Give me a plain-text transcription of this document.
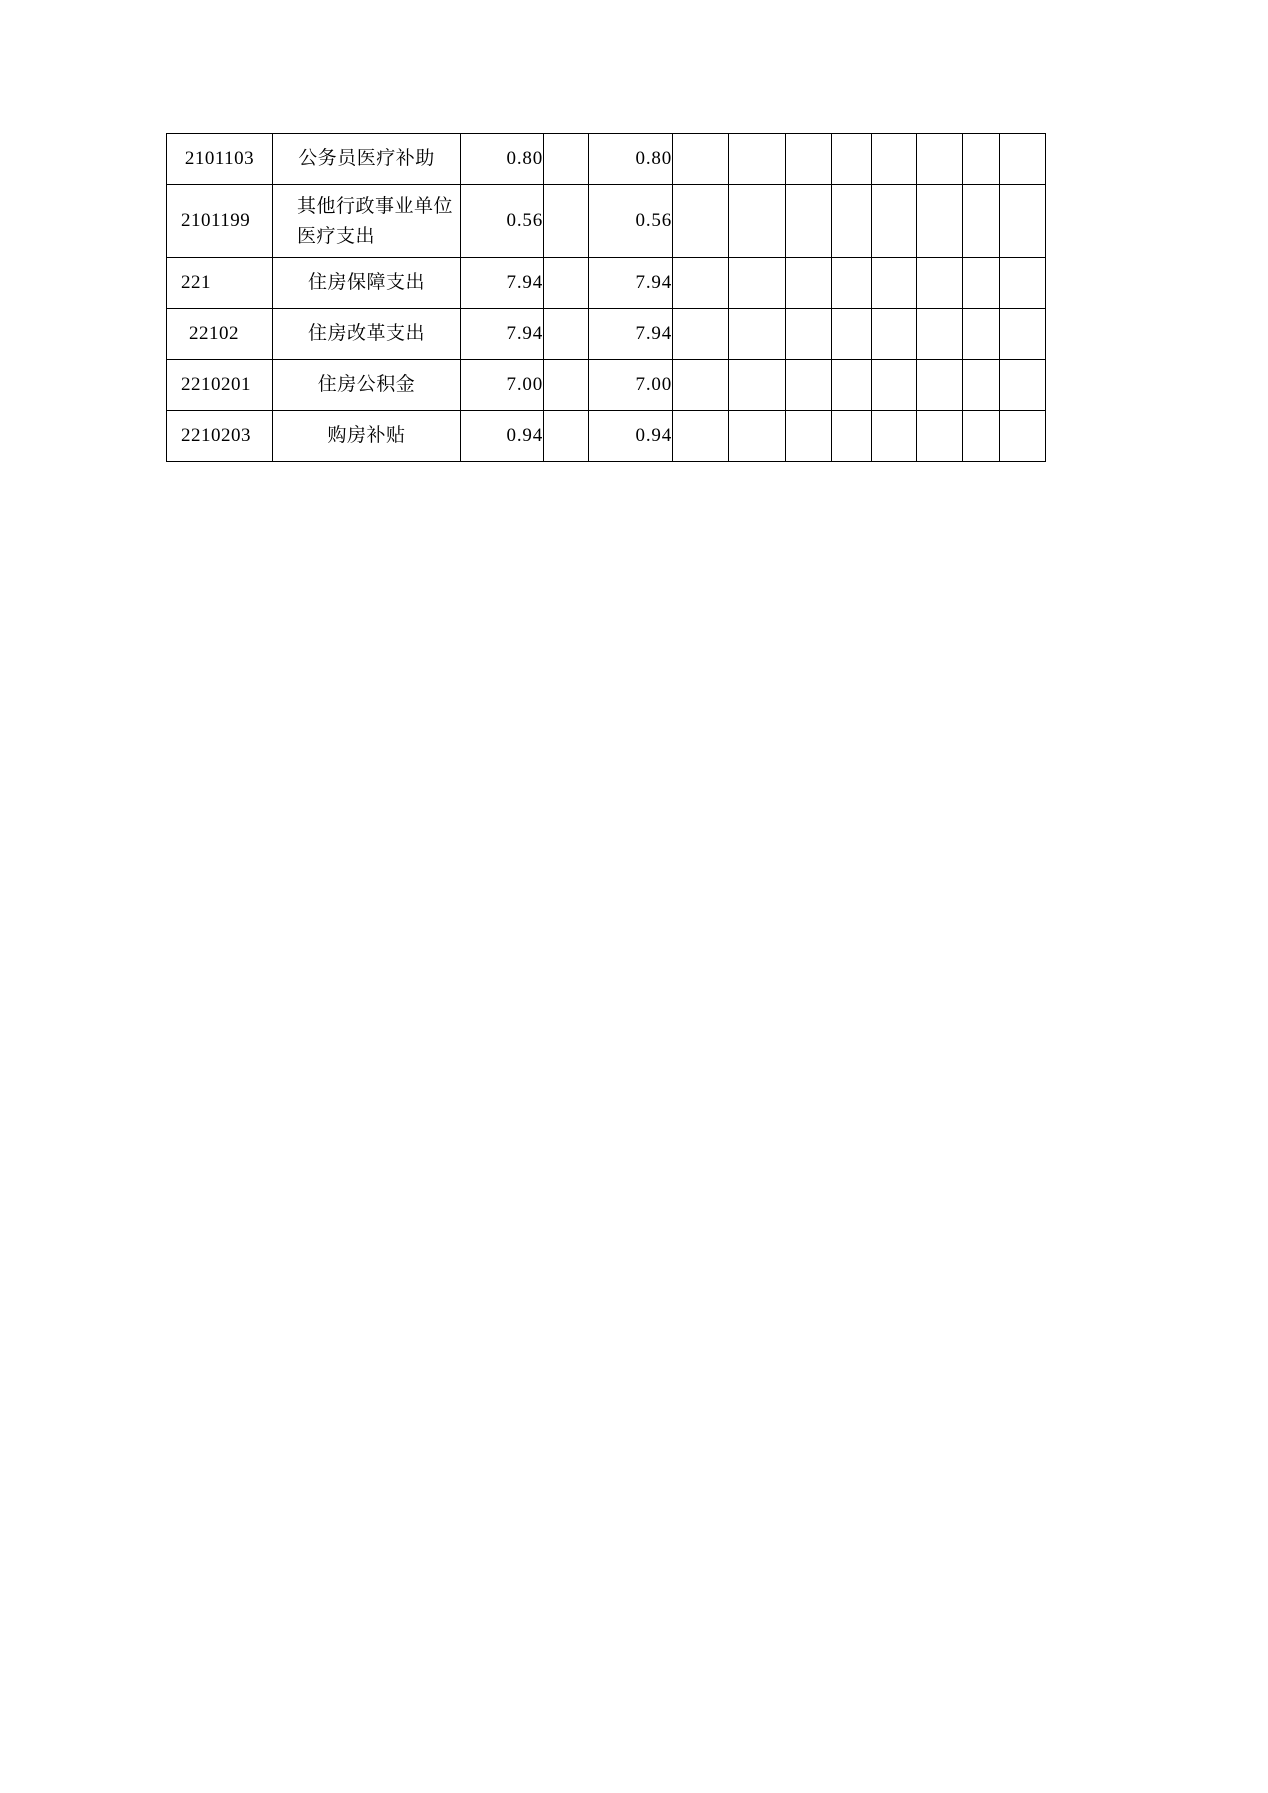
2101103	公务员医疗补助	0.80		0.80								
2101199	其他行政事业单位医疗支出	0.56		0.56								
221	住房保障支出	7.94		7.94								
22102	住房改革支出	7.94		7.94								
2210201	住房公积金	7.00		7.00								
2210203	购房补贴	0.94		0.94								
